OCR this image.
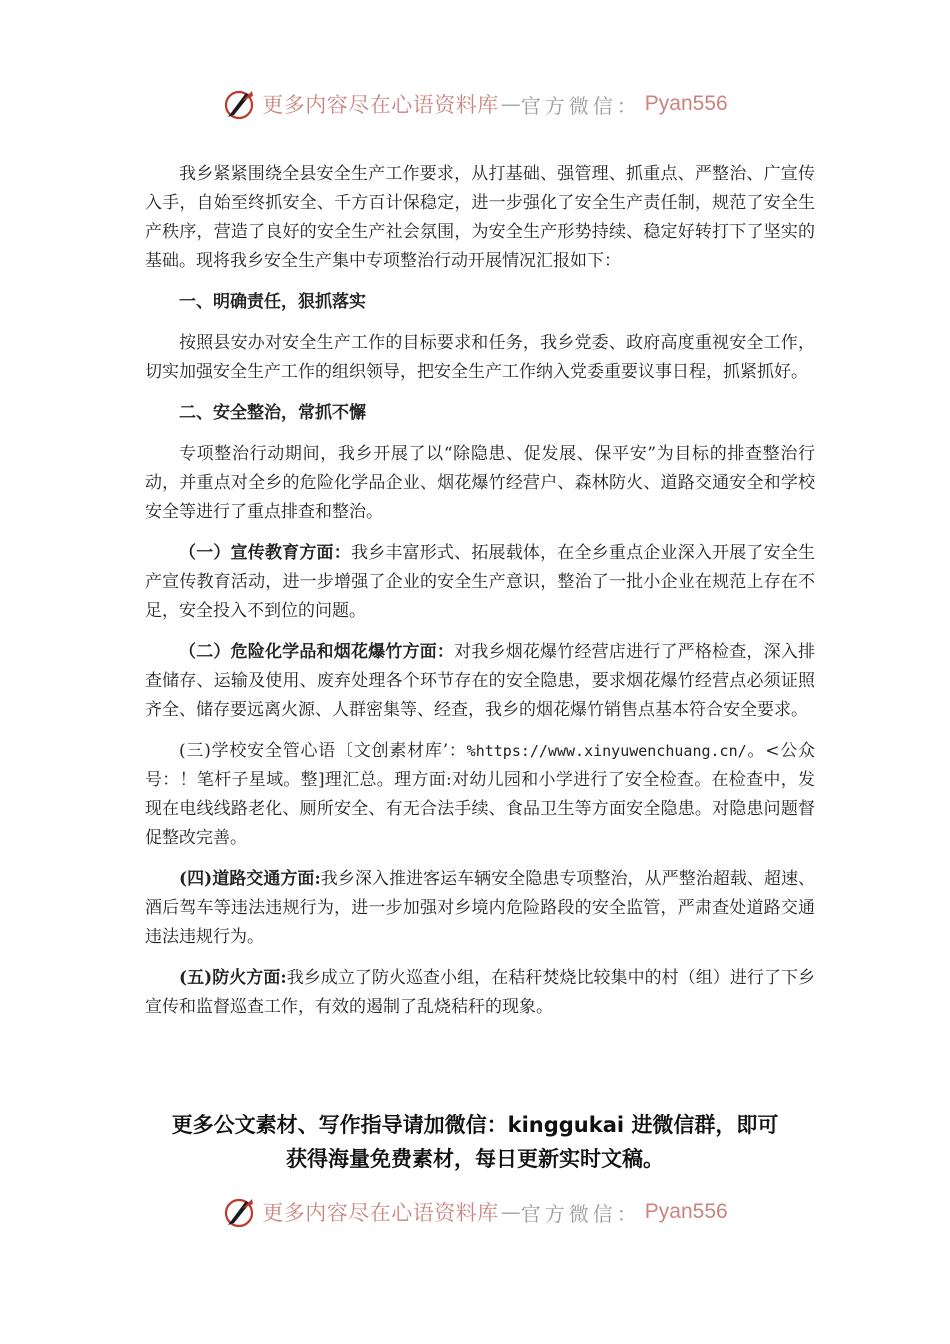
更多内容尽在心语资料库 — 官方微信： Pyan556

我乡紧紧围绕全县安全生产工作要求，从打基础、强管理、抓重点、严整治、广宣传入手，自始至终抓安全、千方百计保稳定，进一步强化了安全生产责任制，规范了安全生产秩序，营造了良好的安全生产社会氛围，为安全生产形势持续、稳定好转打下了坚实的基础。现将我乡安全生产集中专项整治行动开展情况汇报如下：

一、明确责任，狠抓落实

按照县安办对安全生产工作的目标要求和任务，我乡党委、政府高度重视安全工作，切实加强安全生产工作的组织领导，把安全生产工作纳入党委重要议事日程，抓紧抓好。

二、安全整治，常抓不懈

专项整治行动期间，我乡开展了以“除隐患、促发展、保平安”为目标的排查整治行动，并重点对全乡的危险化学品企业、烟花爆竹经营户、森林防火、道路交通安全和学校安全等进行了重点排查和整治。

（一）宣传教育方面：我乡丰富形式、拓展载体，在全乡重点企业深入开展了安全生产宣传教育活动，进一步增强了企业的安全生产意识，整治了一批小企业在规范上存在不足，安全投入不到位的问题。

（二）危险化学品和烟花爆竹方面：对我乡烟花爆竹经营店进行了严格检查，深入排查储存、运输及使用、废弃处理各个环节存在的安全隐患，要求烟花爆竹经营点必须证照齐全、储存要远离火源、人群密集等、经查，我乡的烟花爆竹销售点基本符合安全要求。

(三)学校安全管心语〔文创素材库’：%https://www.xinyuwenchuang.cn/。<公众号：！笔杆子星域。整]理汇总。理方面:对幼儿园和小学进行了安全检查。在检查中，发现在电线线路老化、厕所安全、有无合法手续、食品卫生等方面安全隐患。对隐患问题督促整改完善。

(四)道路交通方面:我乡深入推进客运车辆安全隐患专项整治，从严整治超载、超速、酒后驾车等违法违规行为，进一步加强对乡境内危险路段的安全监管，严肃查处道路交通违法违规行为。

(五)防火方面:我乡成立了防火巡查小组，在秸秆焚烧比较集中的村（组）进行了下乡宣传和监督巡查工作，有效的遏制了乱烧秸秆的现象。

更多公文素材、写作指导请加微信：kinggukai 进微信群，即可
获得海量免费素材，每日更新实时文稿。
更多内容尽在心语资料库 — 官方微信： Pyan556
